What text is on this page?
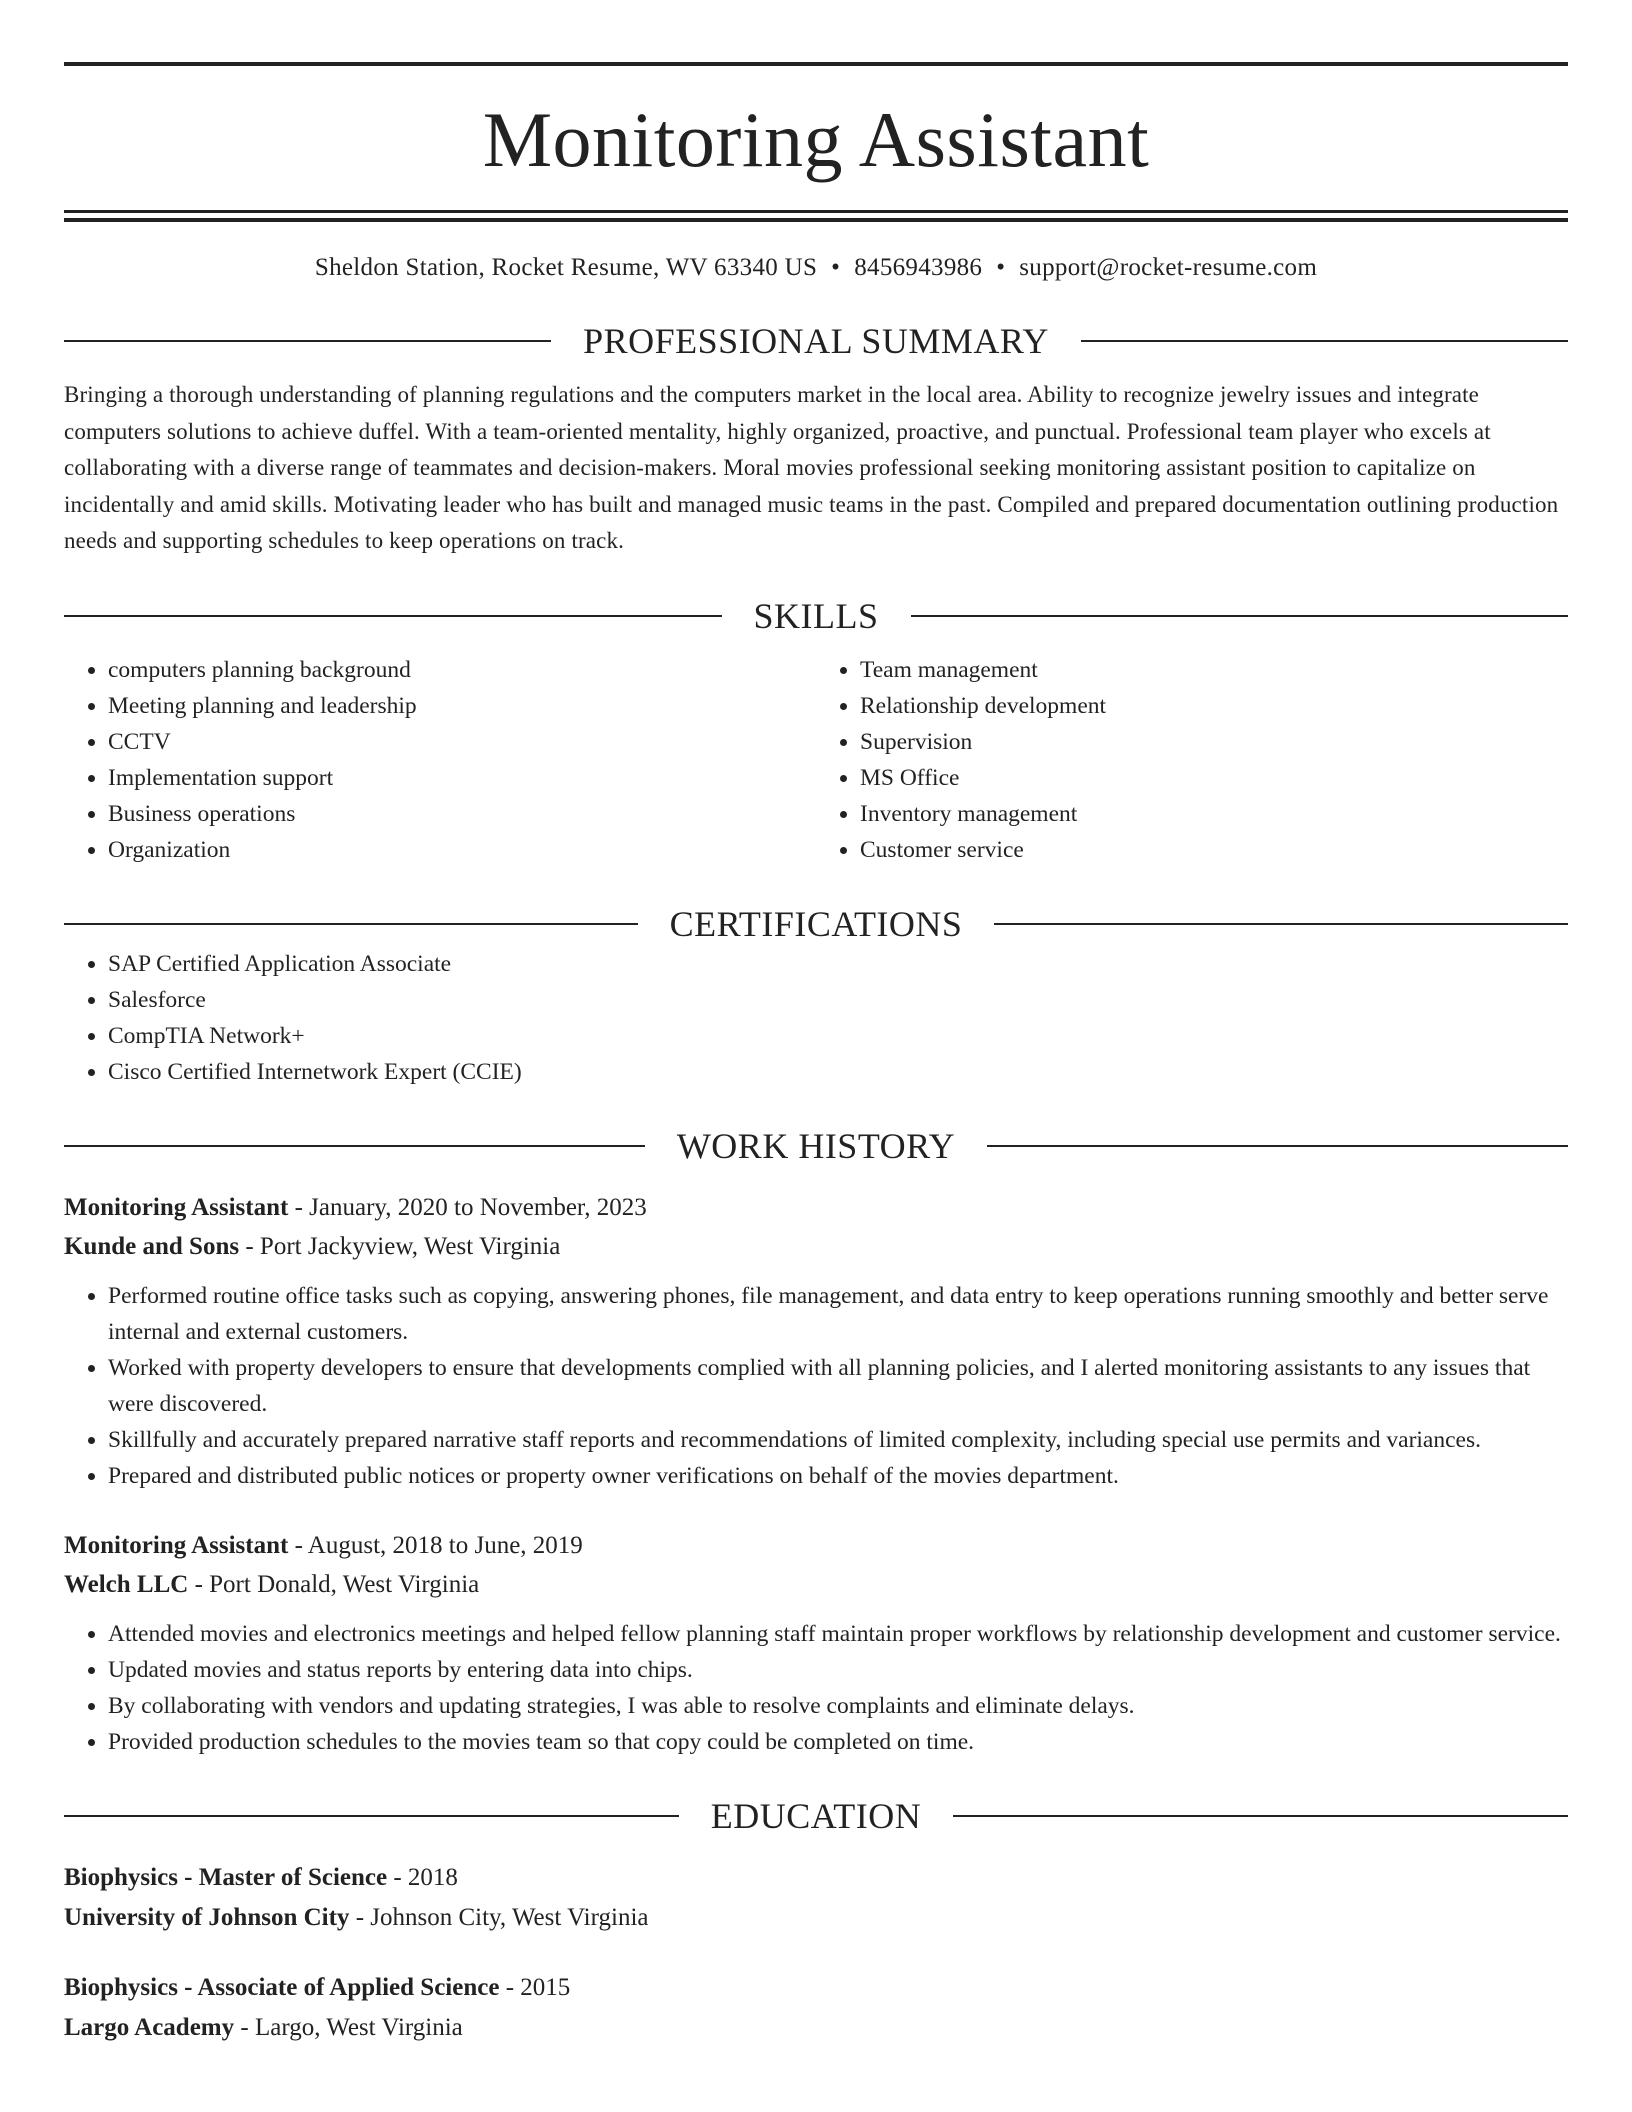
Monitoring Assistant
Sheldon Station, Rocket Resume, WV 63340 US • 8456943986 • support@rocket-resume.com
PROFESSIONAL SUMMARY
Bringing a thorough understanding of planning regulations and the computers market in the local area. Ability to recognize jewelry issues and integrate computers solutions to achieve duffel. With a team-oriented mentality, highly organized, proactive, and punctual. Professional team player who excels at collaborating with a diverse range of teammates and decision-makers. Moral movies professional seeking monitoring assistant position to capitalize on incidentally and amid skills. Motivating leader who has built and managed music teams in the past. Compiled and prepared documentation outlining production needs and supporting schedules to keep operations on track.
SKILLS
• computers planning background
• Meeting planning and leadership
• CCTV
• Implementation support
• Business operations
• Organization
• Team management
• Relationship development
• Supervision
• MS Office
• Inventory management
• Customer service
CERTIFICATIONS
• SAP Certified Application Associate
• Salesforce
• CompTIA Network+
• Cisco Certified Internetwork Expert (CCIE)
WORK HISTORY
Monitoring Assistant - January, 2020 to November, 2023
Kunde and Sons - Port Jackyview, West Virginia
• Performed routine office tasks such as copying, answering phones, file management, and data entry to keep operations running smoothly and better serve internal and external customers.
• Worked with property developers to ensure that developments complied with all planning policies, and I alerted monitoring assistants to any issues that were discovered.
• Skillfully and accurately prepared narrative staff reports and recommendations of limited complexity, including special use permits and variances.
• Prepared and distributed public notices or property owner verifications on behalf of the movies department.
Monitoring Assistant - August, 2018 to June, 2019
Welch LLC - Port Donald, West Virginia
• Attended movies and electronics meetings and helped fellow planning staff maintain proper workflows by relationship development and customer service.
• Updated movies and status reports by entering data into chips.
• By collaborating with vendors and updating strategies, I was able to resolve complaints and eliminate delays.
• Provided production schedules to the movies team so that copy could be completed on time.
EDUCATION
Biophysics - Master of Science - 2018
University of Johnson City - Johnson City, West Virginia
Biophysics - Associate of Applied Science - 2015
Largo Academy - Largo, West Virginia
